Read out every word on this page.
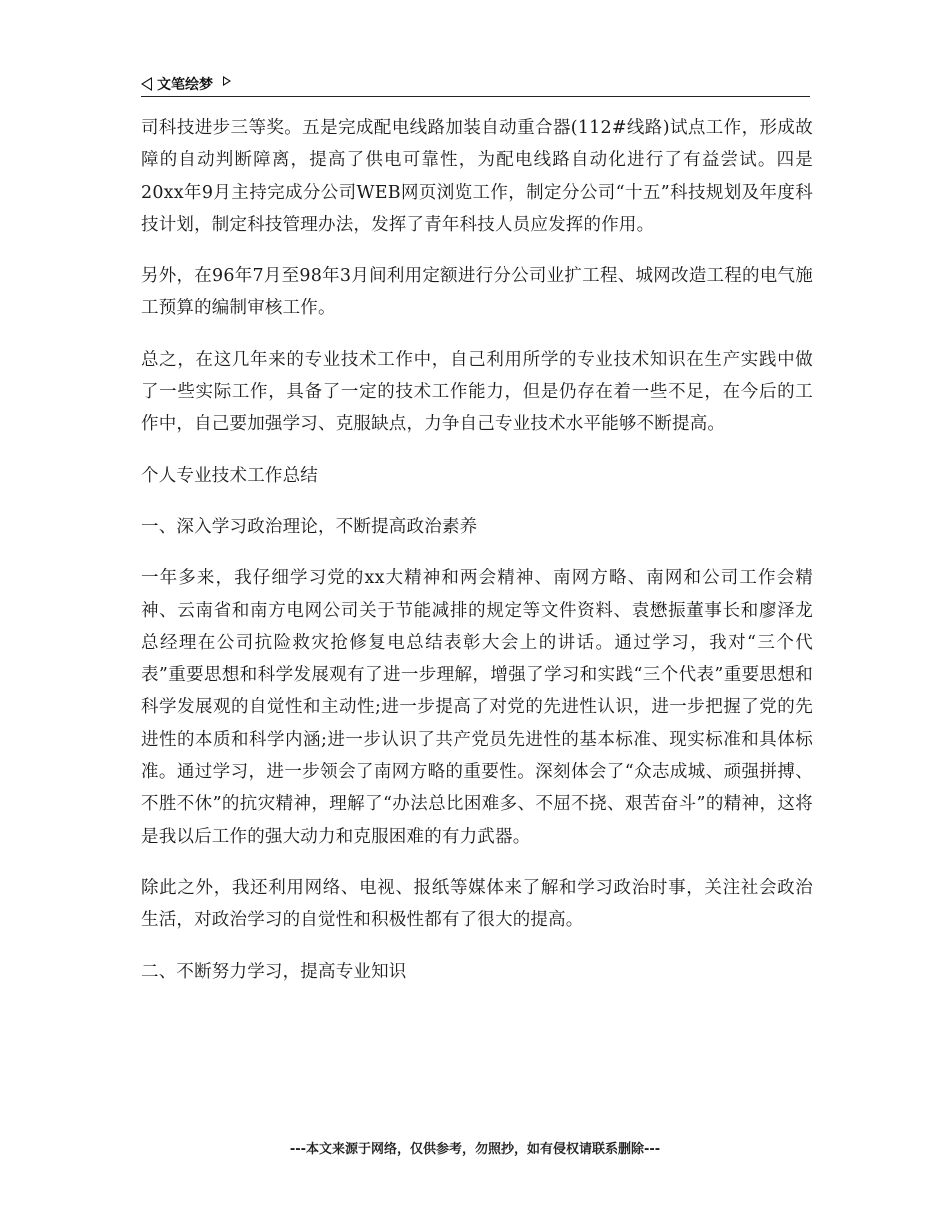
文笔绘梦

司科技进步三等奖。五是完成配电线路加装自动重合器(112#线路)试点工作，形成故障的自动判断障离，提高了供电可靠性，为配电线路自动化进行了有益尝试。四是20xx年9月主持完成分公司WEB网页浏览工作，制定分公司“十五”科技规划及年度科技计划，制定科技管理办法，发挥了青年科技人员应发挥的作用。

另外，在96年7月至98年3月间利用定额进行分公司业扩工程、城网改造工程的电气施工预算的编制审核工作。

总之，在这几年来的专业技术工作中，自己利用所学的专业技术知识在生产实践中做了一些实际工作，具备了一定的技术工作能力，但是仍存在着一些不足，在今后的工作中，自己要加强学习、克服缺点，力争自己专业技术水平能够不断提高。

个人专业技术工作总结

一、深入学习政治理论，不断提高政治素养

一年多来，我仔细学习党的xx大精神和两会精神、南网方略、南网和公司工作会精神、云南省和南方电网公司关于节能减排的规定等文件资料、袁懋振董事长和廖泽龙总经理在公司抗险救灾抢修复电总结表彰大会上的讲话。通过学习，我对“三个代表”重要思想和科学发展观有了进一步理解，增强了学习和实践“三个代表”重要思想和科学发展观的自觉性和主动性;进一步提高了对党的先进性认识，进一步把握了党的先进性的本质和科学内涵;进一步认识了共产党员先进性的基本标准、现实标准和具体标准。通过学习，进一步领会了南网方略的重要性。深刻体会了“众志成城、顽强拼搏、不胜不休”的抗灾精神，理解了“办法总比困难多、不屈不挠、艰苦奋斗”的精神，这将是我以后工作的强大动力和克服困难的有力武器。

除此之外，我还利用网络、电视、报纸等媒体来了解和学习政治时事，关注社会政治生活，对政治学习的自觉性和积极性都有了很大的提高。

二、不断努力学习，提高专业知识

---本文来源于网络，仅供参考，勿照抄，如有侵权请联系删除---
